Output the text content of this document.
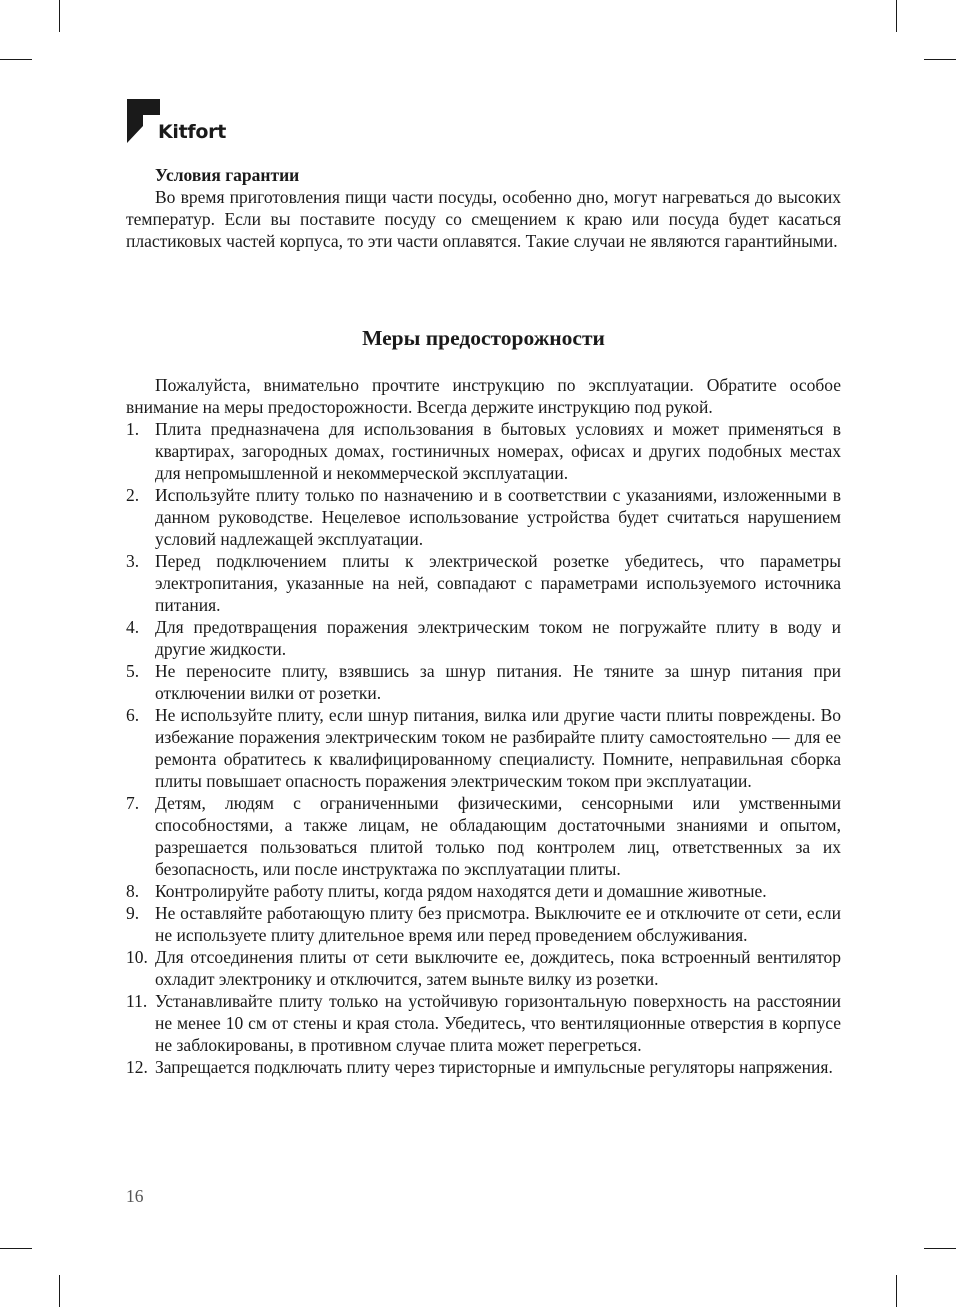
Kitfort

Условия гарантии

Во время приготовления пищи части посуды, особенно дно, могут нагреваться до высоких температур. Если вы поставите посуду со смещением к краю или посуда будет касаться пластиковых частей корпуса, то эти части оплавятся. Такие случаи не являются гарантийными.

Меры предосторожности

Пожалуйста, внимательно прочтите инструкцию по эксплуатации. Обратите особое внимание на меры предосторожности. Всегда держите инструкцию под рукой.

1. Плита предназначена для использования в бытовых условиях и может применяться в квартирах, загородных домах, гостиничных номерах, офисах и других подобных местах для непромышленной и некоммерческой эксплуатации.
2. Используйте плиту только по назначению и в соответствии с указаниями, изложенными в данном руководстве. Нецелевое использование устройства будет считаться нарушением условий надлежащей эксплуатации.
3. Перед подключением плиты к электрической розетке убедитесь, что параметры электропитания, указанные на ней, совпадают с параметрами используемого источника питания.
4. Для предотвращения поражения электрическим током не погружайте плиту в воду и другие жидкости.
5. Не переносите плиту, взявшись за шнур питания. Не тяните за шнур питания при отключении вилки от розетки.
6. Не используйте плиту, если шнур питания, вилка или другие части плиты повреждены. Во избежание поражения электрическим током не разбирайте плиту самостоятельно — для ее ремонта обратитесь к квалифицированному специалисту. Помните, неправильная сборка плиты повышает опасность поражения электрическим током при эксплуатации.
7. Детям, людям с ограниченными физическими, сенсорными или умственными способностями, а также лицам, не обладающим достаточными знаниями и опытом, разрешается пользоваться плитой только под контролем лиц, ответственных за их безопасность, или после инструктажа по эксплуатации плиты.
8. Контролируйте работу плиты, когда рядом находятся дети и домашние животные.
9. Не оставляйте работающую плиту без присмотра. Выключите ее и отключите от сети, если не используете плиту длительное время или перед проведением обслуживания.
10. Для отсоединения плиты от сети выключите ее, дождитесь, пока встроенный вентилятор охладит электронику и отключится, затем выньте вилку из розетки.
11. Устанавливайте плиту только на устойчивую горизонтальную поверхность на расстоянии не менее 10 см от стены и края стола. Убедитесь, что вентиляционные отверстия в корпусе не заблокированы, в противном случае плита может перегреться.
12. Запрещается подключать плиту через тиристорные и импульсные регуляторы напряжения.
16
